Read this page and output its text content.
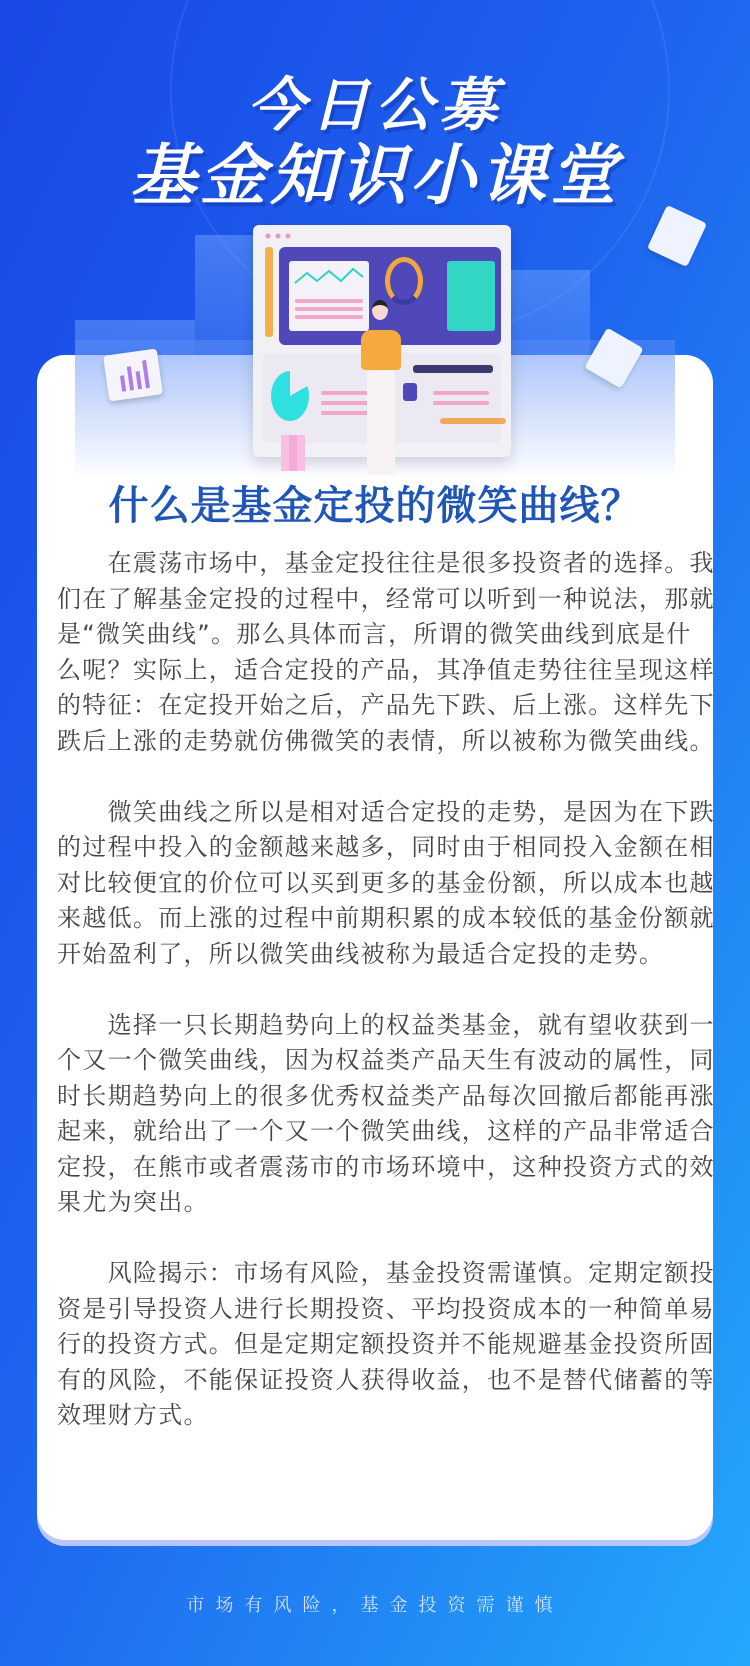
今日公募
基金知识小课堂
什么是基金定投的微笑曲线？
　　在震荡市场中，基金定投往往是很多投资者的选择。我
们在了解基金定投的过程中，经常可以听到一种说法，那就
是“微笑曲线”。那么具体而言，所谓的微笑曲线到底是什
么呢？实际上，适合定投的产品，其净值走势往往呈现这样
的特征：在定投开始之后，产品先下跌、后上涨。这样先下
跌后上涨的走势就仿佛微笑的表情，所以被称为微笑曲线。
　　微笑曲线之所以是相对适合定投的走势，是因为在下跌
的过程中投入的金额越来越多，同时由于相同投入金额在相
对比较便宜的价位可以买到更多的基金份额，所以成本也越
来越低。而上涨的过程中前期积累的成本较低的基金份额就
开始盈利了，所以微笑曲线被称为最适合定投的走势。
　　选择一只长期趋势向上的权益类基金，就有望收获到一
个又一个微笑曲线，因为权益类产品天生有波动的属性，同
时长期趋势向上的很多优秀权益类产品每次回撤后都能再涨
起来，就给出了一个又一个微笑曲线，这样的产品非常适合
定投，在熊市或者震荡市的市场环境中，这种投资方式的效
果尤为突出。
　　风险揭示：市场有风险，基金投资需谨慎。定期定额投
资是引导投资人进行长期投资、平均投资成本的一种简单易
行的投资方式。但是定期定额投资并不能规避基金投资所固
有的风险，不能保证投资人获得收益，也不是替代储蓄的等
效理财方式。
市场有风险，基金投资需谨慎
